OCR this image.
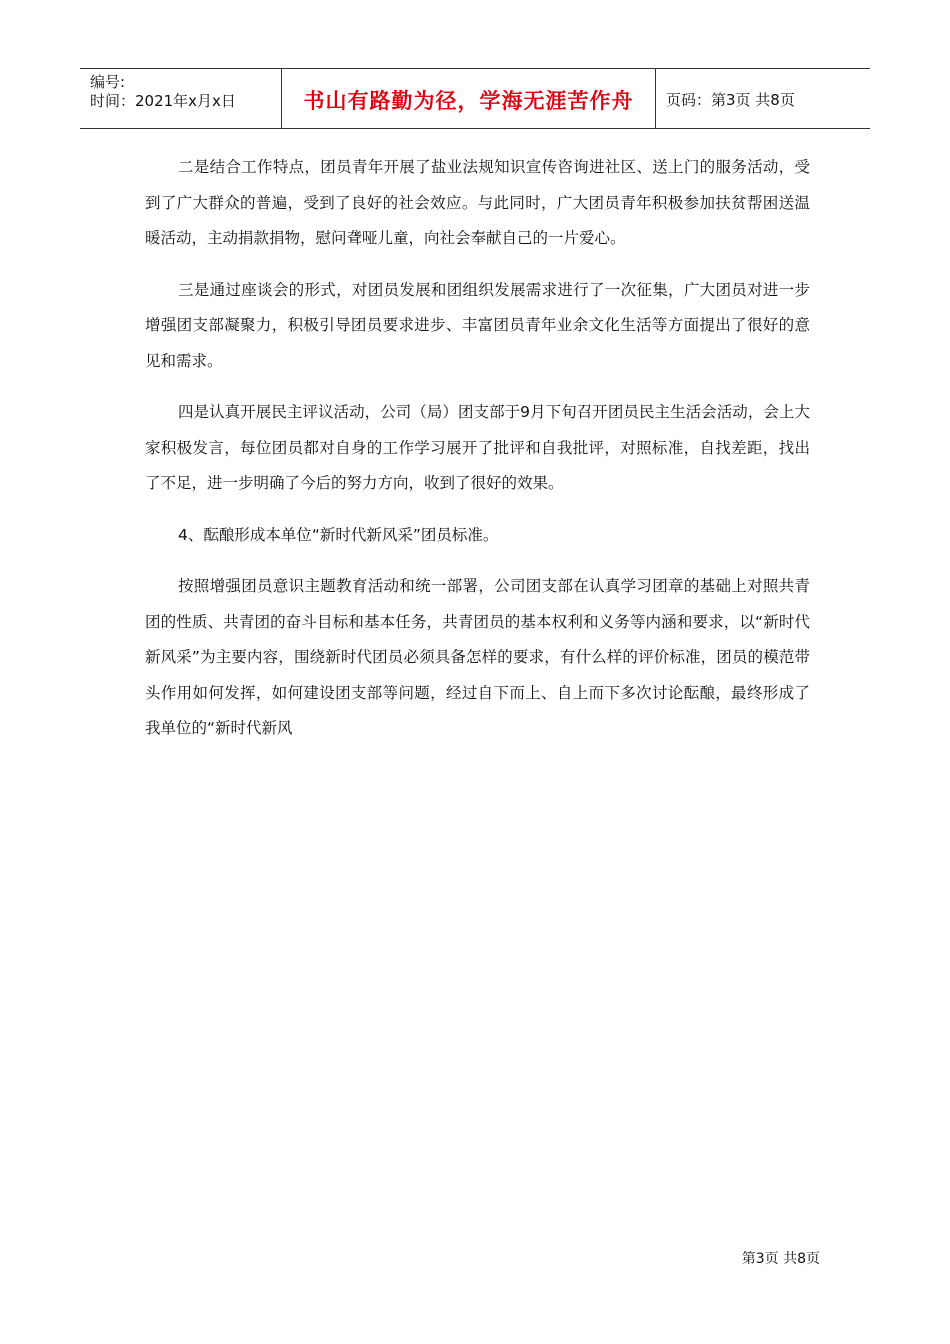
编号:
时间：2021年x月x日	书山有路勤为径，学海无涯苦作舟 页码：第3页 共8页

二是结合工作特点，团员青年开展了盐业法规知识宣传咨询进社区、送上门的服务活动，受到了广大群众的普遍，受到了良好的社会效应。与此同时，广大团员青年积极参加扶贫帮困送温暖活动，主动捐款捐物，慰问聋哑儿童，向社会奉献自己的一片爱心。

三是通过座谈会的形式，对团员发展和团组织发展需求进行了一次征集，广大团员对进一步增强团支部凝聚力，积极引导团员要求进步、丰富团员青年业余文化生活等方面提出了很好的意见和需求。

四是认真开展民主评议活动，公司（局）团支部于9月下旬召开团员民主生活会活动，会上大家积极发言，每位团员都对自身的工作学习展开了批评和自我批评，对照标准，自找差距，找出了不足，进一步明确了今后的努力方向，收到了很好的效果。

4、酝酿形成本单位“新时代新风采”团员标准。

按照增强团员意识主题教育活动和统一部署，公司团支部在认真学习团章的基础上对照共青团的性质、共青团的奋斗目标和基本任务，共青团员的基本权利和义务等内涵和要求，以“新时代新风采”为主要内容，围绕新时代团员必须具备怎样的要求，有什么样的评价标准，团员的模范带头作用如何发挥，如何建设团支部等问题，经过自下而上、自上而下多次讨论酝酿，最终形成了我单位的“新时代新风

第3页 共8页
